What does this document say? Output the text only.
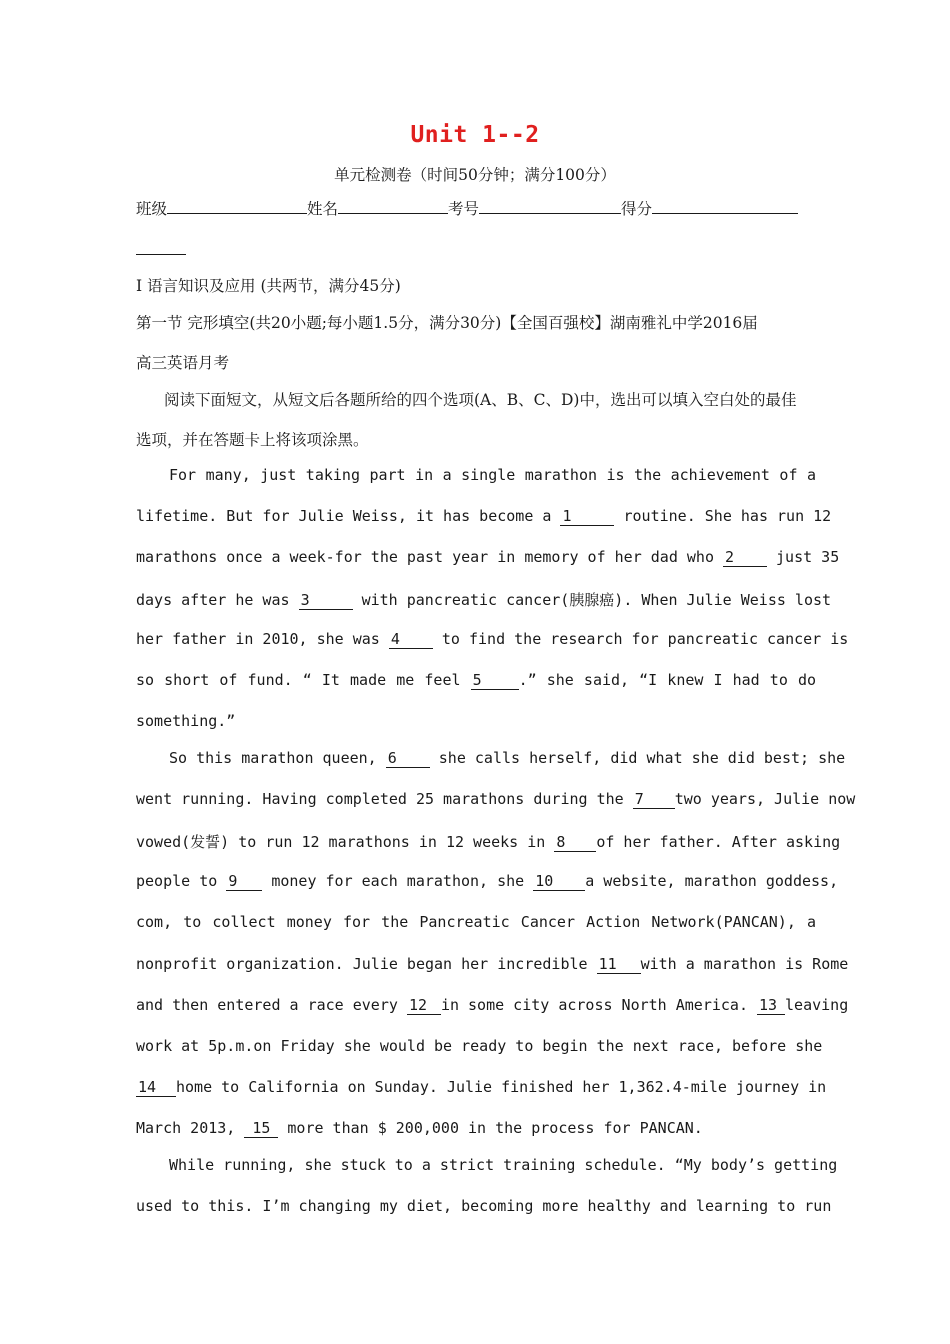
Unit 1--2
单元检测卷（时间50分钟；满分100分）
班级	姓名	考号	得分
I 语言知识及应用 (共两节，满分45分)
第一节 完形填空(共20小题;每小题1.5分，满分30分)【全国百强校】湖南雅礼中学2016届
高三英语月考
阅读下面短文，从短文后各题所给的四个选项(A、B、C、D)中，选出可以填入空白处的最佳
选项，并在答题卡上将该项涂黑。
For many, just taking part in a single marathon is the achievement of a
lifetime. But for Julie Weiss, it has become a 1	routine. She has run 12
marathons once a week-for the past year in memory of her dad who 2 just 35
days after he was 3	with pancreatic cancer(胰腺癌). When Julie Weiss lost
her father in 2010, she was 4 to find the research for pancreatic cancer is
so short of fund. “ It made me feel 5 .” she said, “I knew I had to do
something.”
So this marathon queen, 6 she calls herself, did what she did best; she
went running. Having completed 25 marathons during the 7 two years, Julie now
vowed(发誓) to run 12 marathons in 12 weeks in 8 of her father. After asking
people to 9 money for each marathon, she 10 a website, marathon goddess,
com, to collect money for the Pancreatic Cancer Action Network(PANCAN), a
nonprofit organization. Julie began her incredible 11 with a marathon is Rome
and then entered a race every 12 in some city across North America. 13 leaving
work at 5p.m.on Friday she would be ready to begin the next race, before she
14 home to California on Sunday. Julie finished her 1,362.4-mile journey in
March 2013, 15 more than $ 200,000 in the process for PANCAN.
While running, she stuck to a strict training schedule. “My body’s getting
used to this. I’m changing my diet, becoming more healthy and learning to run
